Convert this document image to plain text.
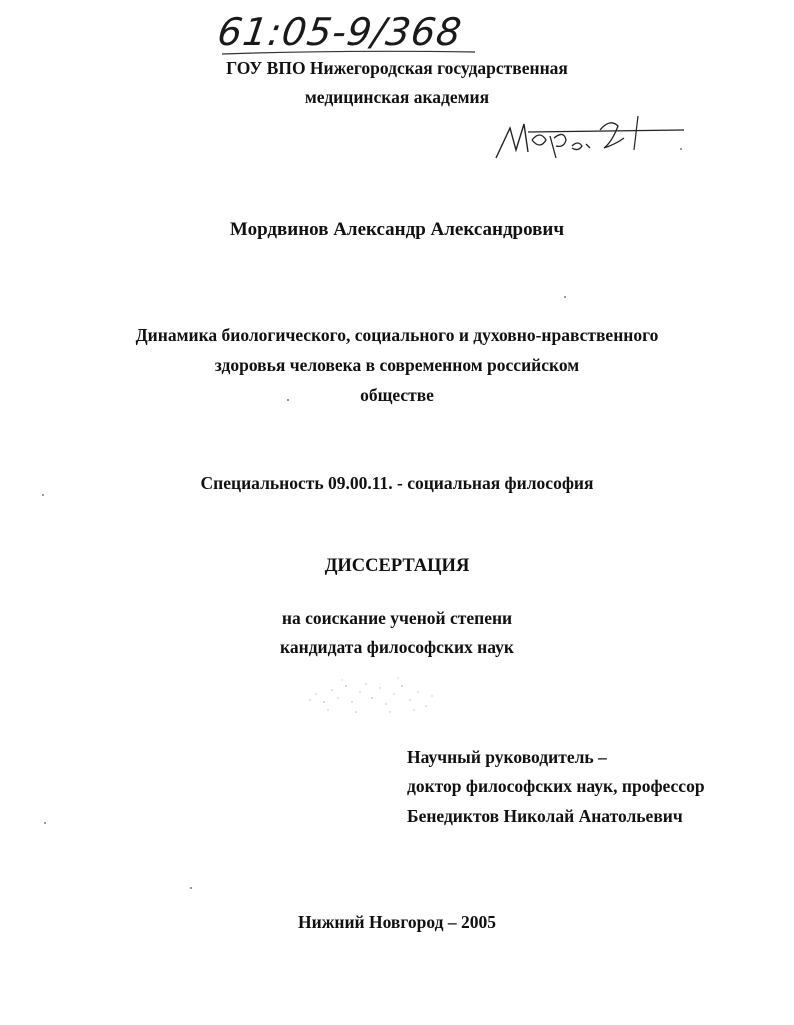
61:05-9/368
ГОУ ВПО Нижегородская государственная
медицинская академия
Мордвинов Александр Александрович
Динамика биологического, социального и духовно-нравственного
здоровья человека в современном российском
обществе
Специальность 09.00.11. - социальная философия
ДИССЕРТАЦИЯ
на соискание ученой степени
кандидата философских наук
Научный руководитель –
доктор философских наук, профессор
Бенедиктов Николай Анатольевич
Нижний Новгород – 2005
